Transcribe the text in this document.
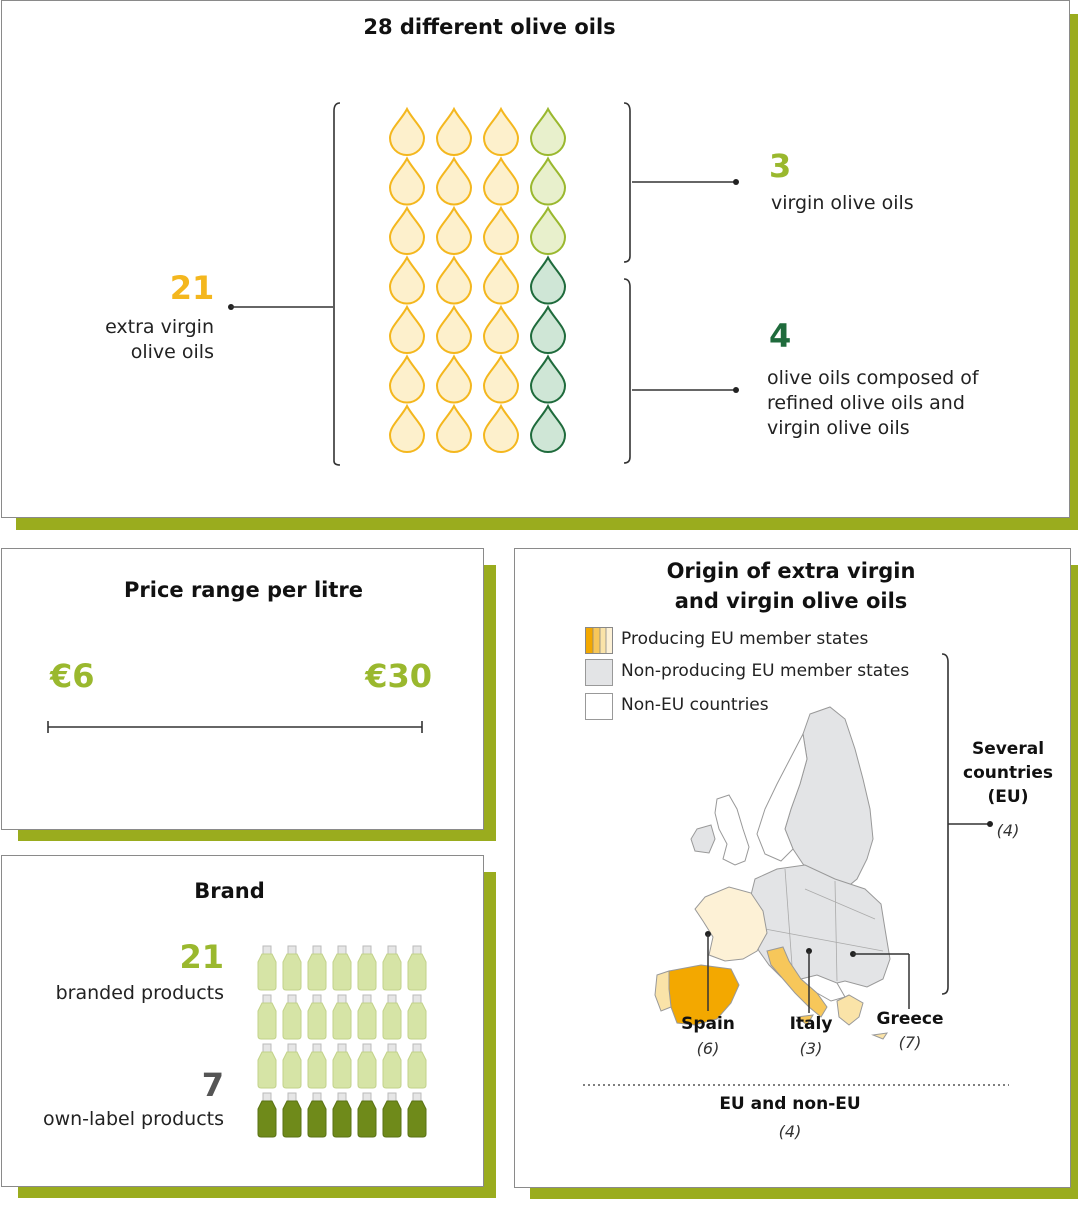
28 different olive oils
21
extra virgin
olive oils
3
virgin olive oils
4
olive oils composed of
refined olive oils and
virgin olive oils
Price range per litre
€6	€30
Brand
21
branded products
7
own-label products
Origin of extra virgin
and virgin olive oils
Producing EU member states
Non-producing EU member states
Non-EU countries
Several
countries
(EU)
(4)
Spain
(6)
Italy
(3)
Greece
(7)
EU and non-EU
(4)
